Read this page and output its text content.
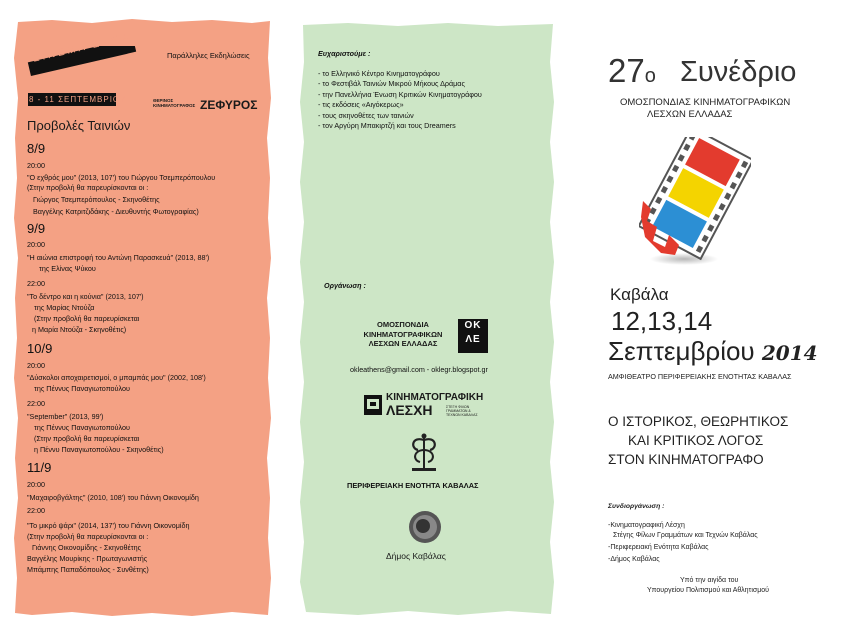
Παράλληλες Εκδηλώσεις
ΣΙΝΕΜΑ ΞΑΝΑ
8 - 11 ΣΕΠΤΕΜΒΡΙΟΥ	ΘΕΡΙΝΟΣ
ΚΙΝΗΜΑΤΟΓΡΑΦΟΣ ΖΕΦΥΡΟΣ
Προβολές Ταινιών
8/9
20:00
"Ο εχθρός μου" (2013, 107') του Γιώργου Τσεμπερόπουλου
(Στην προβολή θα παρευρίσκονται οι :
Γιώργος Τσεμπερόπουλος - Σκηνοθέτης
Βαγγέλης Κατριτζιδάκης - Διευθυντής Φωτογραφίας)
9/9
20:00
"Η αιώνια επιστροφή του Αντώνη Παρασκευά" (2013, 88')
της Ελίνας Ψύκου
22:00
"Το δέντρο και η κούνια" (2013, 107')
της Μαρίας Ντούζα
(Στην προβολή θα παρευρίσκεται
η Μαρία Ντούζα - Σκηνοθέτις)
10/9
20:00
"Δύσκολοι αποχαιρετισμοί, ο μπαμπάς μου" (2002, 108')
της Πέννυς Παναγιωτοπούλου
22:00
"September" (2013, 99')
της Πέννυς Παναγιωτοπούλου
(Στην προβολή θα παρευρίσκεται
η Πέννυ Παναγιωτοπούλου - Σκηνοθέτις)
11/9
20:00
"Μαχαιροβγάλτης" (2010, 108') του Γιάννη Οικονομίδη
22:00
"Το μικρό ψάρι" (2014, 137') του Γιάννη Οικονομίδη
(Στην προβολή θα παρευρίσκονται οι :
Γιάννης Οικονομίδης - Σκηνοθέτης
Βαγγέλης Μουρίκης - Πρωταγωνιστής
Μπάμπης Παπαδόπουλος - Συνθέτης)
Ευχαριστούμε :
- το Ελληνικό Κέντρο Κινηματογράφου
- το Φεστιβάλ Ταινιών Μικρού Μήκους Δράμας
- την Πανελλήνια Ένωση Κριτικών Κινηματογράφου
- τις εκδόσεις «Αιγόκερως»
- τους σκηνοθέτες των ταινιών
- τον Αργύρη Μπακιρτζή και τους Dreamers
Οργάνωση :
ΟΜΟΣΠΟΝΔΙΑ
ΚΙΝΗΜΑΤΟΓΡΑΦΙΚΩΝ
ΛΕΣΧΩΝ ΕΛΛΑΔΑΣ
ΟΚ ΛΕ
okleathens@gmail.com - oklegr.blogspot.gr
ΚΙΝΗΜΑΤΟΓΡΑΦΙΚΗ
ΛΕΣΧΗ	ΣΤΕΓΗ ΦΙΛΩΝ ΓΡΑΜΜΑΤΩΝ & ΤΕΧΝΩΝ ΚΑΒΑΛΑΣ
ΠΕΡΙΦΕΡΕΙΑΚΗ ΕΝΟΤΗΤΑ ΚΑΒΑΛΑΣ
Δήμος Καβάλας
27ο Συνέδριο
ΟΜΟΣΠΟΝΔΙΑΣ ΚΙΝΗΜΑΤΟΓΡΑΦΙΚΩΝ
ΛΕΣΧΩΝ ΕΛΛΑΔΑΣ
Καβάλα
12,13,14
Σεπτεμβρίου 2014
ΑΜΦΙΘΕΑΤΡΟ ΠΕΡΙΦΕΡΕΙΑΚΗΣ ΕΝΟΤΗΤΑΣ ΚΑΒΑΛΑΣ
Ο ΙΣΤΟΡΙΚΟΣ, ΘΕΩΡΗΤΙΚΟΣ
ΚΑΙ ΚΡΙΤΙΚΟΣ ΛΟΓΟΣ
ΣΤΟΝ ΚΙΝΗΜΑΤΟΓΡΑΦΟ
Συνδιοργάνωση :
-Κινηματογραφική Λέσχη
Στέγης Φίλων Γραμμάτων και Τεχνών Καβάλας
-Περιφερειακή Ενότητα Καβάλας
-Δήμος Καβάλας
Υπό την αιγίδα του
Υπουργείου Πολιτισμού και Αθλητισμού
